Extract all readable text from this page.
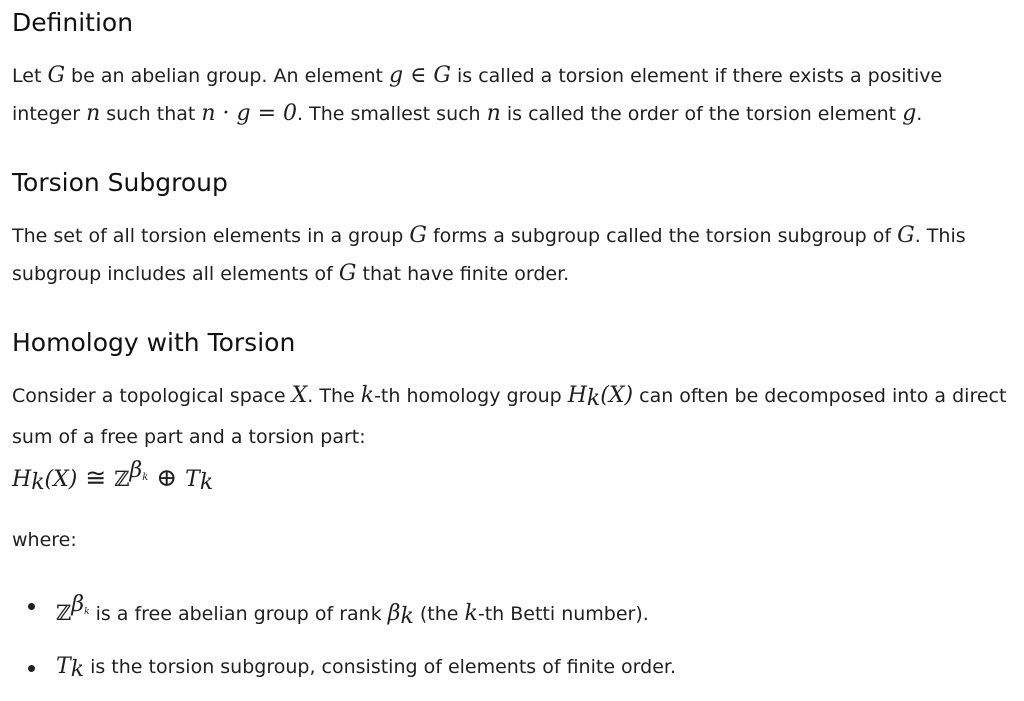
Definition

Let G be an abelian group. An element g ∈ G is called a torsion element if there exists a positive integer n such that n · g = 0. The smallest such n is called the order of the torsion element g.

Torsion Subgroup

The set of all torsion elements in a group G forms a subgroup called the torsion subgroup of G. This subgroup includes all elements of G that have finite order.

Homology with Torsion

Consider a topological space X. The k-th homology group $H_k(X)$ can often be decomposed into a direct sum of a free part and a torsion part:

$H_k(X)$ ≅ ℤ$^{\beta_k}$ ⊕ $T_k$

where:

ℤ$^{\beta_k}$ is a free abelian group of rank $\beta_k$ (the k-th Betti number).
$T_k$ is the torsion subgroup, consisting of elements of finite order.
